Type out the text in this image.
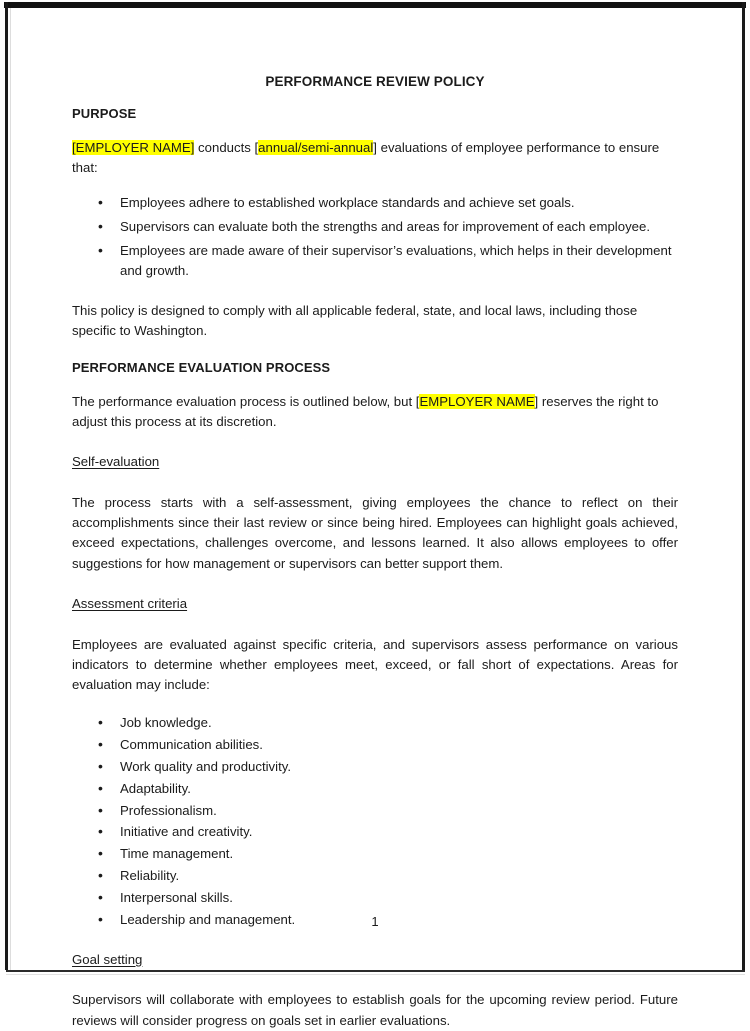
PERFORMANCE REVIEW POLICY
PURPOSE

[EMPLOYER NAME] conducts [annual/semi-annual] evaluations of employee performance to ensure that:

• Employees adhere to established workplace standards and achieve set goals.
• Supervisors can evaluate both the strengths and areas for improvement of each employee.
• Employees are made aware of their supervisor’s evaluations, which helps in their development and growth.

This policy is designed to comply with all applicable federal, state, and local laws, including those specific to Washington.

PERFORMANCE EVALUATION PROCESS

The performance evaluation process is outlined below, but [EMPLOYER NAME] reserves the right to adjust this process at its discretion.

Self-evaluation

The process starts with a self-assessment, giving employees the chance to reflect on their accomplishments since their last review or since being hired. Employees can highlight goals achieved, exceed expectations, challenges overcome, and lessons learned. It also allows employees to offer suggestions for how management or supervisors can better support them.

Assessment criteria

Employees are evaluated against specific criteria, and supervisors assess performance on various indicators to determine whether employees meet, exceed, or fall short of expectations. Areas for evaluation may include:

• Job knowledge.
• Communication abilities.
• Work quality and productivity.
• Adaptability.
• Professionalism.
• Initiative and creativity.
• Time management.
• Reliability.
• Interpersonal skills.
• Leadership and management.
Goal setting

Supervisors will collaborate with employees to establish goals for the upcoming review period. Future reviews will consider progress on goals set in earlier evaluations.

1
